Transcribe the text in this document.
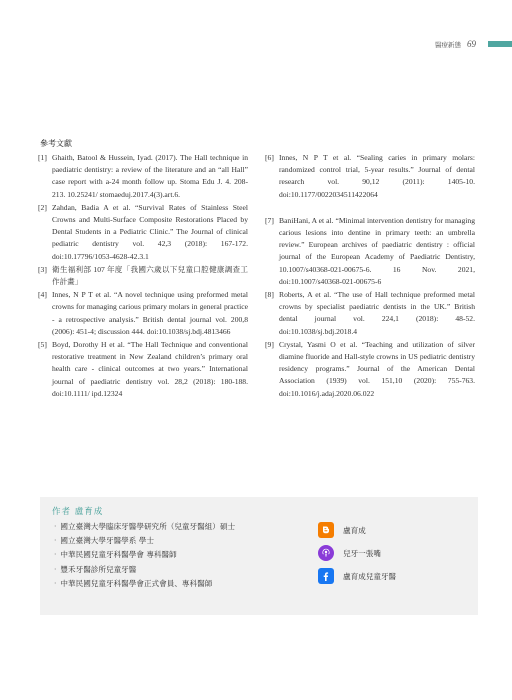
醫療新態 69
參考文獻
[1] Ghaith, Batool & Hussein, Iyad. (2017). The Hall technique in paediatric dentistry: a review of the literature and an “all Hall” case report with a-24 month follow up. Stoma Edu J. 4. 208-213. 10.25241/ stomaeduj.2017.4(3).art.6.
[2] Zahdan, Badia A et al. “Survival Rates of Stainless Steel Crowns and Multi-Surface Composite Restorations Placed by Dental Students in a Pediatric Clinic.” The Journal of clinical pediatric dentistry vol. 42,3 (2018): 167-172. doi:10.17796/1053-4628-42.3.1
[3] 衛生福利部 107 年度「我國六歲以下兒童口腔健康調查工作計畫」
[4] Innes, N P T et al. “A novel technique using preformed metal crowns for managing carious primary molars in general practice - a retrospective analysis.” British dental journal vol. 200,8 (2006): 451-4; discussion 444. doi:10.1038/sj.bdj.4813466
[5] Boyd, Dorothy H et al. “The Hall Technique and conventional restorative treatment in New Zealand children’s primary oral health care - clinical outcomes at two years.” International journal of paediatric dentistry vol. 28,2 (2018): 180-188. doi:10.1111/ ipd.12324
[6] Innes, N P T et al. “Sealing caries in primary molars: randomized control trial, 5-year results.” Journal of dental research vol. 90,12 (2011): 1405-10. doi:10.1177/0022034511422064
[7] BaniHani, A et al. “Minimal intervention dentistry for managing carious lesions into dentine in primary teeth: an umbrella review.” European archives of paediatric dentistry : official journal of the European Academy of Paediatric Dentistry, 10.1007/s40368-021-00675-6. 16 Nov. 2021, doi:10.1007/s40368-021-00675-6
[8] Roberts, A et al. “The use of Hall technique preformed metal crowns by specialist paediatric dentists in the UK.” British dental journal vol. 224,1 (2018): 48-52. doi:10.1038/sj.bdj.2018.4
[9] Crystal, Yasmi O et al. “Teaching and utilization of silver diamine fluoride and Hall-style crowns in US pediatric dentistry residency programs.” Journal of the American Dental Association (1939) vol. 151,10 (2020): 755-763. doi:10.1016/j.adaj.2020.06.022
作者 盧育成
· 國立臺灣大學臨床牙醫學研究所（兒童牙醫組）碩士
· 國立臺灣大學牙醫學系 學士
· 中華民國兒童牙科醫學會 專科醫師
· 豐禾牙醫診所兒童牙醫
· 中華民國兒童牙科醫學會正式會員、專科醫師
盧育成
兒牙一張嘴
盧育成兒童牙醫
